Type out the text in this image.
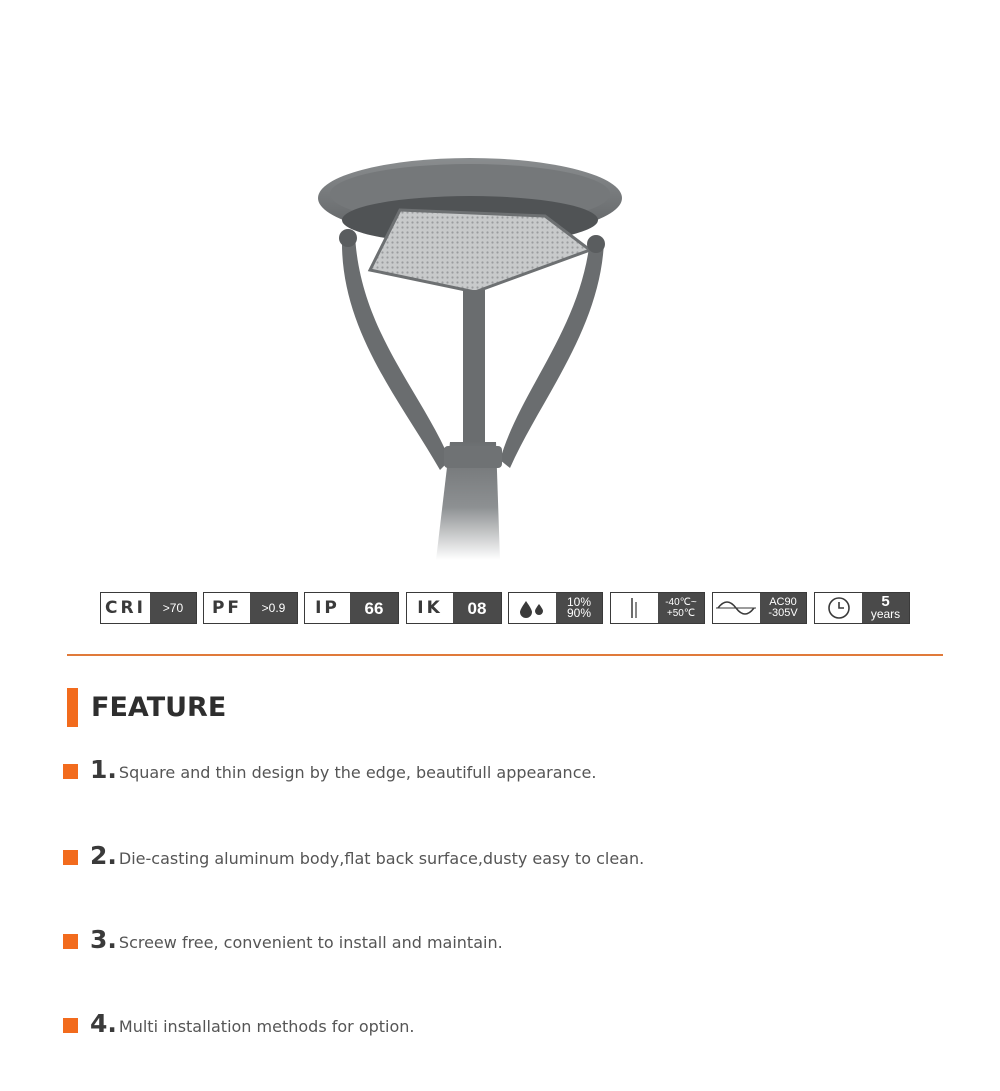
CRI	>70	PF	>0.9	IP	66	IK	08	10%
90%
-40℃~
+50℃
AC90
-305V
5
years
FEATURE
1. Square and thin design by the edge, beautifull appearance.
2. Die-casting aluminum body,flat back surface,dusty easy to clean.
3. Screew free, convenient to install and maintain.
4. Multi installation methods for option.
